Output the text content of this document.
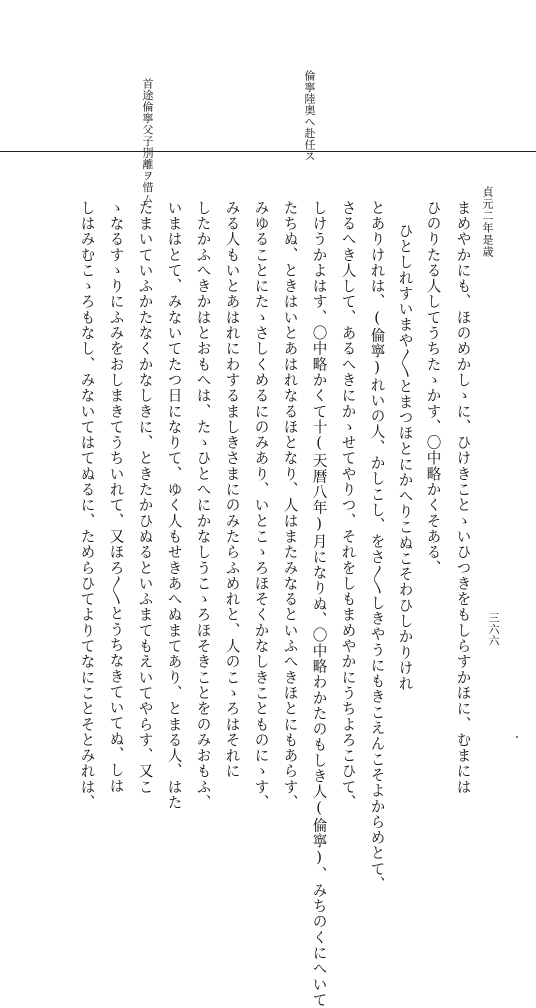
倫寧陸奥へ赴任ス
首途倫寧父子別離ヲ惜ム
貞元二年是歳
三六六
まめやかにも、ほのめかしゝに、ひけきことゝいひつきをもしらすかほに、むまには
ひのりたる人してうちたゝかす、〇中略かくそある、
ひとしれすいまや〳〵とまつほとにかへりこぬこそわひしかりけれ
とありけれは、(倫寧)れいの人、かしこし、をさ〳〵しきやうにもきこえんこそよからめとて、
さるへき人して、あるへきにかゝせてやりつ、それをしもまめやかにうちよろこひて、
しけうかよはす、〇中略かくて十(天暦八年)月になりぬ、〇中略わかたのもしき人(倫寧)、みちのくにへいて
たちぬ、ときはいとあはれなるほとなり、人はまたみなるといふへきほとにもあらす、
みゆることにたゝさしくめるにのみあり、いとこゝろほそくかなしきことものにゝす、
みる人もいとあはれにわするましきさまにのみたらふめれと、人のこゝろはそれに
したかふへきかはとおもへは、たゝひとへにかなしうこゝろほそきことをのみおもふ、
いまはとて、みないてたつ日になりて、ゆく人もせきあへぬまてあり、とまる人、はた
たまいていふかたなくかなしきに、ときたかひぬるといふまてもえいてやらす、又こ
ゝなるすゝりにふみをおしまきてうちいれて、又ほろ〳〵とうちなきていてぬ、しは
しはみむこゝろもなし、みないてはてぬるに、ためらひてよりてなにことそとみれは、
